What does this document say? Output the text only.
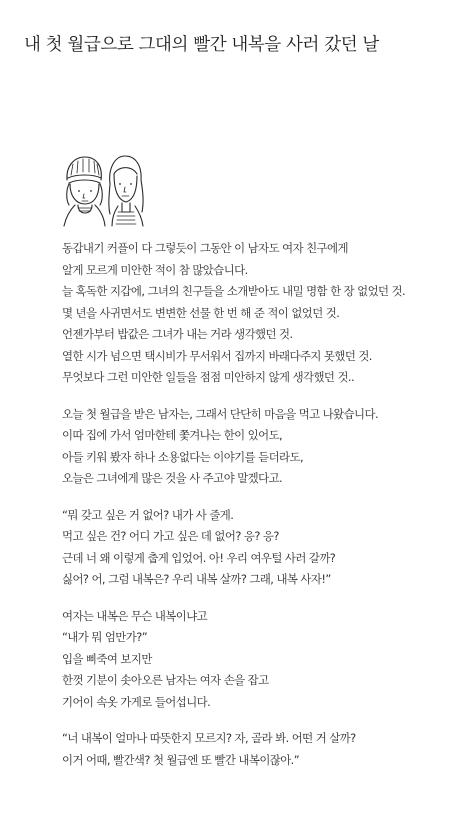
내 첫 월급으로 그대의 빨간 내복을 사러 갔던 날
동갑내기 커플이 다 그렇듯이 그동안 이 남자도 여자 친구에게
알게 모르게 미안한 적이 참 많았습니다.
늘 혹독한 지갑에, 그녀의 친구들을 소개받아도 내밀 명함 한 장 없었던 것.
몇 년을 사귀면서도 변변한 선물 한 번 해 준 적이 없었던 것.
언젠가부터 밥값은 그녀가 내는 거라 생각했던 것.
열한 시가 넘으면 택시비가 무서워서 집까지 바래다주지 못했던 것.
무엇보다 그런 미안한 일들을 점점 미안하지 않게 생각했던 것..
오늘 첫 월급을 받은 남자는, 그래서 단단히 마음을 먹고 나왔습니다.
이따 집에 가서 엄마한테 쫓겨나는 한이 있어도,
아들 키워 봤자 하나 소용없다는 이야기를 듣더라도,
오늘은 그녀에게 많은 것을 사 주고야 말겠다고.
“뭐 갖고 싶은 거 없어? 내가 사 줄게.
먹고 싶은 건? 어디 가고 싶은 데 없어? 응? 응?
근데 너 왜 이렇게 춥게 입었어. 아! 우리 여우털 사러 갈까?
싫어? 어, 그럼 내복은? 우리 내복 살까? 그래, 내복 사자!”
여자는 내복은 무슨 내복이냐고
“내가 뭐 엄만가?”
입을 삐죽여 보지만
한껏 기분이 솟아오른 남자는 여자 손을 잡고
기어이 속옷 가게로 들어섭니다.
“너 내복이 얼마나 따뜻한지 모르지? 자, 골라 봐. 어떤 거 살까?
이거 어때, 빨간색? 첫 월급엔 또 빨간 내복이잖아.”
